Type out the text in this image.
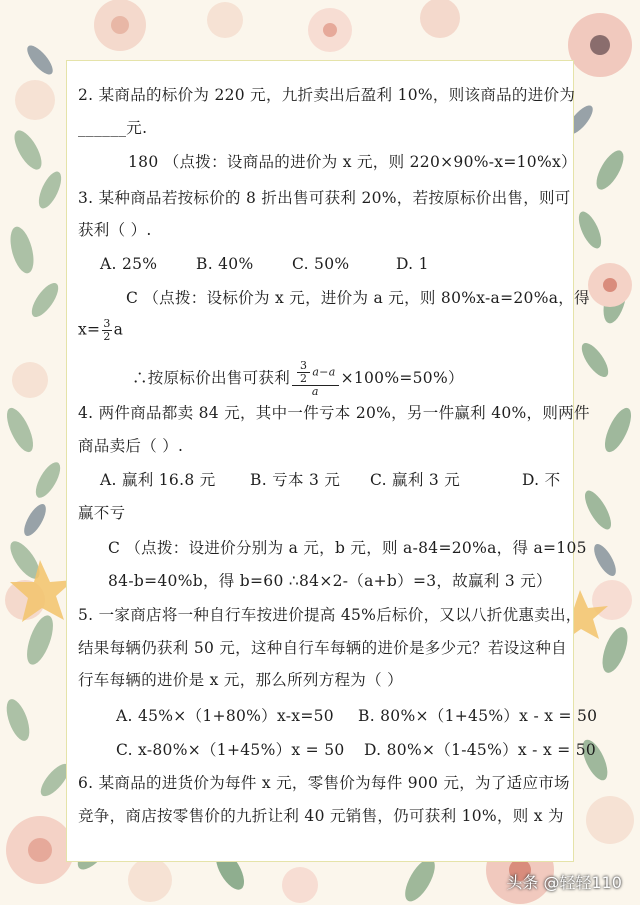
2. 某商品的标价为 220 元，九折卖出后盈利 10%，则该商品的进价为
______元.
180 （点拨：设商品的进价为 x 元，则 220×90%-x=10%x）
3. 某种商品若按标价的 8 折出售可获利 20%，若按原标价出售，则可
获利（ ）.
A. 25% B. 40% C. 50%	D. 1
C （点拨：设标价为 x 元，进价为 a 元，则 80%x-a=20%a，得
$x= \frac{3}{2}$ a
∴按原标价出售可获利 $\frac{\frac{3}{2} a-a}{a} \times 100\%=50\%$）
4. 两件商品都卖 84 元，其中一件亏本 20%，另一件赢利 40%，则两件
商品卖后（ ）.
A. 赢利 16.8 元 B. 亏本 3 元 C. 赢利 3 元	D. 不
赢不亏
C （点拨：设进价分别为 a 元，b 元，则 a-84=20%a，得 a=105
84-b=40%b，得 b=60 ∴84×2-（a+b）=3，故赢利 3 元）
5. 一家商店将一种自行车按进价提高 45%后标价，又以八折优惠卖出，
结果每辆仍获利 50 元，这种自行车每辆的进价是多少元？若设这种自
行车每辆的进价是 x 元，那么所列方程为（ ）
A. 45%×（1+80%）x-x=50 B. 80%×（1+45%）x - x = 50
C. x-80%×（1+45%）x = 50 D. 80%×（1-45%）x - x = 50
6. 某商品的进货价为每件 x 元，零售价为每件 900 元，为了适应市场
竞争，商店按零售价的九折让利 40 元销售，仍可获利 10%，则 x 为
头条 @轻轻110
